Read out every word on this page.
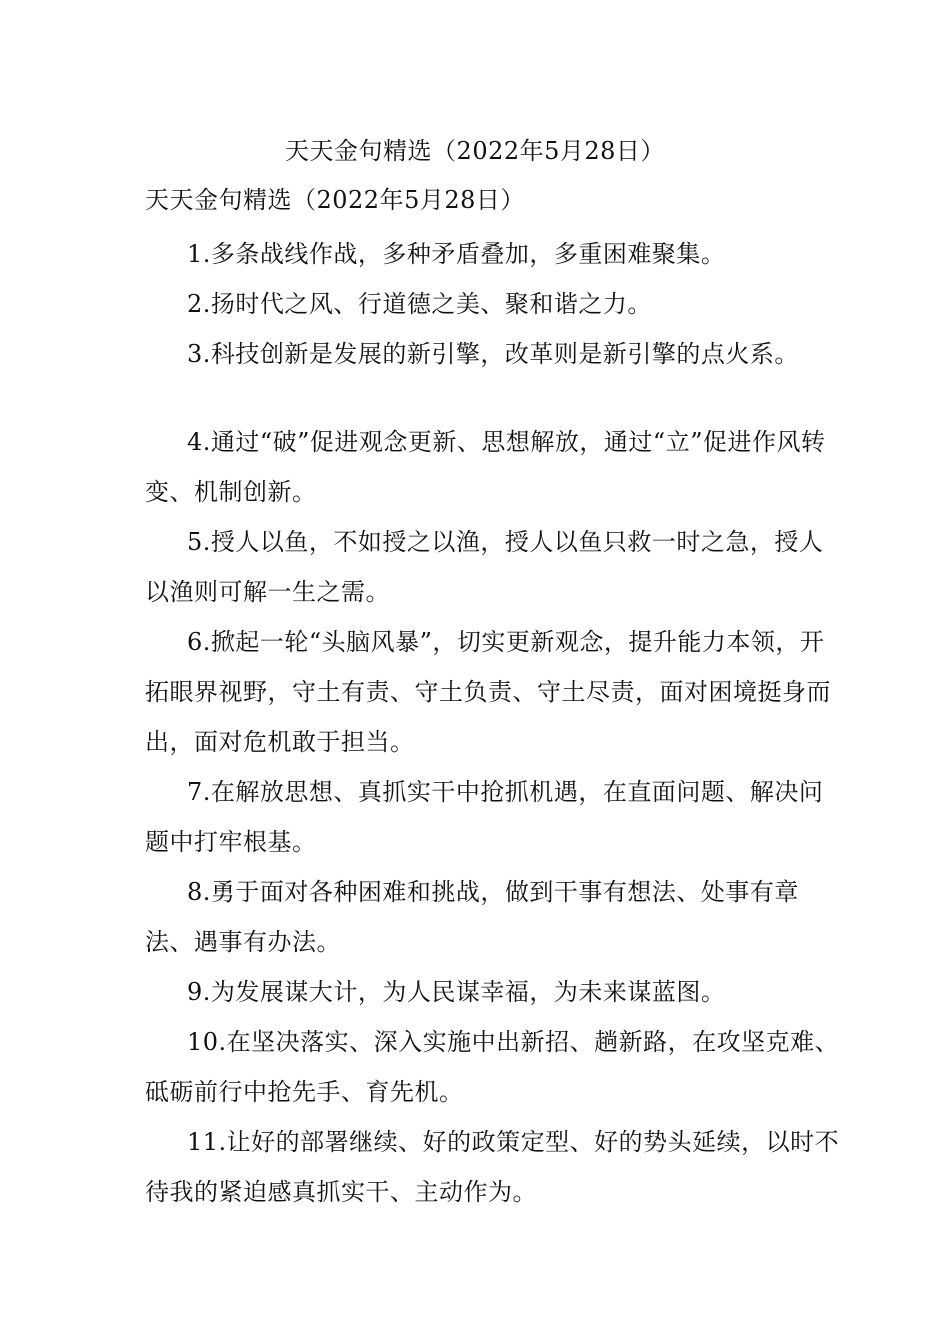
天天金句精选（2022年5月28日）
天天金句精选（2022年5月28日）

1.多条战线作战，多种矛盾叠加，多重困难聚集。

2.扬时代之风、行道德之美、聚和谐之力。

3.科技创新是发展的新引擎，改革则是新引擎的点火系。

4.通过“破”促进观念更新、思想解放，通过“立”促进作风转变、机制创新。

5.授人以鱼，不如授之以渔，授人以鱼只救一时之急，授人以渔则可解一生之需。

6.掀起一轮“头脑风暴”，切实更新观念，提升能力本领，开拓眼界视野，守土有责、守土负责、守土尽责，面对困境挺身而出，面对危机敢于担当。

7.在解放思想、真抓实干中抢抓机遇，在直面问题、解决问题中打牢根基。

8.勇于面对各种困难和挑战，做到干事有想法、处事有章法、遇事有办法。

9.为发展谋大计，为人民谋幸福，为未来谋蓝图。

10.在坚决落实、深入实施中出新招、趟新路，在攻坚克难、砥砺前行中抢先手、育先机。

11.让好的部署继续、好的政策定型、好的势头延续，以时不待我的紧迫感真抓实干、主动作为。
